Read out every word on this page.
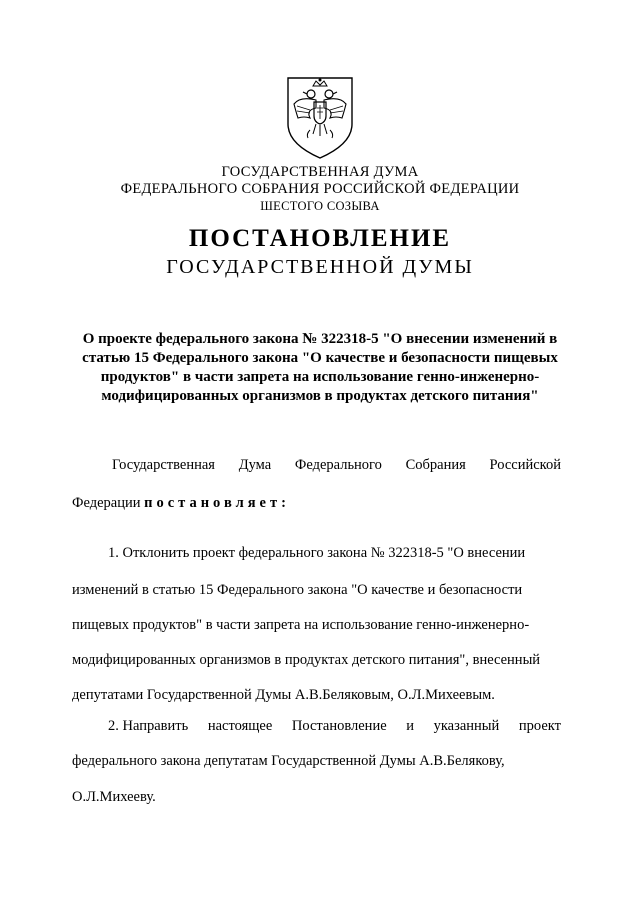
ГОСУДАРСТВЕННАЯ ДУМА
ФЕДЕРАЛЬНОГО СОБРАНИЯ РОССИЙСКОЙ ФЕДЕРАЦИИ
ШЕСТОГО СОЗЫВА
ПОСТАНОВЛЕНИЕ
ГОСУДАРСТВЕННОЙ ДУМЫ
О проекте федерального закона № 322318-5 "О внесении изменений в
статью 15 Федерального закона "О качестве и безопасности пищевых
продуктов" в части запрета на использование генно-инженерно-
модифицированных организмов в продуктах детского питания"
Государственная Дума Федерального Собрания Российской
Федерации постановляет:
1. Отклонить проект федерального закона № 322318-5 "О внесении
изменений в статью 15 Федерального закона "О качестве и безопасности
пищевых продуктов" в части запрета на использование генно-инженерно-
модифицированных организмов в продуктах детского питания", внесенный
депутатами Государственной Думы А.В.Беляковым, О.Л.Михеевым.
2. Направить настоящее Постановление и указанный проект
федерального закона депутатам Государственной Думы А.В.Белякову,
О.Л.Михееву.
